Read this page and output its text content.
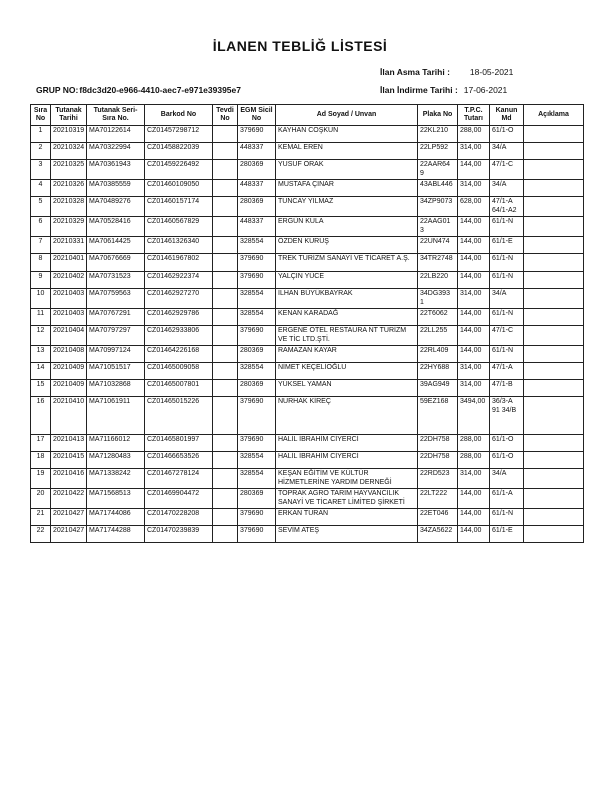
İLANEN TEBLİĞ LİSTESİ
İlan Asma Tarihi : 18-05-2021
İlan İndirme Tarihi : 17-06-2021
GRUP NO:f8dc3d20-e966-4410-aec7-e971e39395e7
Sıra No	Tutanak Tarihi	Tutanak Seri-Sıra No.	Barkod No	Tevdi No	EGM Sicil No	Ad Soyad / Unvan	Plaka No	T.P.C. Tutarı	Kanun Md	Açıklama
1	20210319	MA70122614	CZ01457298712		379690	KAYHAN COŞKUN	22KL210	288,00	61/1-O	
2	20210324	MA70322994	CZ01458822039		448337	KEMAL EREN	22LP592	314,00	34/A	
3	20210325	MA70361943	CZ01459226492		280369	YUSUF ORAK	22AAR64 9	144,00	47/1-C	
4	20210326	MA70385559	CZ01460109050		448337	MUSTAFA ÇINAR	43ABL446	314,00	34/A	
5	20210328	MA70489276	CZ01460157174		280369	TUNCAY YILMAZ	34ZP9073	628,00	47/1-A 64/1-A2	
6	20210329	MA70528416	CZ01460567829		448337	ERGÜN KULA	22AAG01 3	144,00	61/1-N	
7	20210331	MA70614425	CZ01461326340		328554	ÖZDEN KURUŞ	22UN474	144,00	61/1-E	
8	20210401	MA70676669	CZ01461967802		379690	TREK TURİZM SANAYİ VE TİCARET A.Ş.	34TR2748	144,00	61/1-N	
9	20210402	MA70731523	CZ01462922374		379690	YALÇIN YÜCE	22LB220	144,00	61/1-N	
10	20210403	MA70759563	CZ01462927270		328554	İLHAN BÜYÜKBAYRAK	34DG393 1	314,00	34/A	
11	20210403	MA70767291	CZ01462929786		328554	KENAN KARADAĞ	22T6062	144,00	61/1-N	
12	20210404	MA70797297	CZ01462933806		379690	ERGENE OTEL RESTAURA NT TURİZM VE TİC LTD.ŞTİ.	22LL255	144,00	47/1-C	
13	20210408	MA70997124	CZ01464226168		280369	RAMAZAN KAYAR	22RL409	144,00	61/1-N	
14	20210409	MA71051517	CZ01465009058		328554	NİMET KEÇELİOĞLU	22HY688	314,00	47/1-A	
15	20210409	MA71032868	CZ01465007801		280369	YÜKSEL YAMAN	39AG949	314,00	47/1-B	
16	20210410	MA71061911	CZ01465015226		379690	NURHAK KİREÇ	59EZ168	3494,00	36/3-A 91 34/B	
17	20210413	MA71166012	CZ01465801997		379690	HALİL İBRAHİM CİYERCİ	22DH758	288,00	61/1-O	
18	20210415	MA71280483	CZ01466653526		328554	HALİL İBRAHİM CİYERCİ	22DH758	288,00	61/1-O	
19	20210416	MA71338242	CZ01467278124		328554	KEŞAN EĞİTİM VE KÜLTÜR HİZMETLERİNE YARDIM DERNEĞİ	22RD523	314,00	34/A	
20	20210422	MA71568513	CZ01469904472		280369	TOPRAK AGRO TARIM HAYVANCILIK SANAYİ VE TİCARET LİMİTED ŞİRKETİ	22LT222	144,00	61/1-A	
21	20210427	MA71744086	CZ01470228208		379690	ERKAN TURAN	22ET046	144,00	61/1-N	
22	20210427	MA71744288	CZ01470239839		379690	SEVİM ATEŞ	34ZA5622	144,00	61/1-E	
